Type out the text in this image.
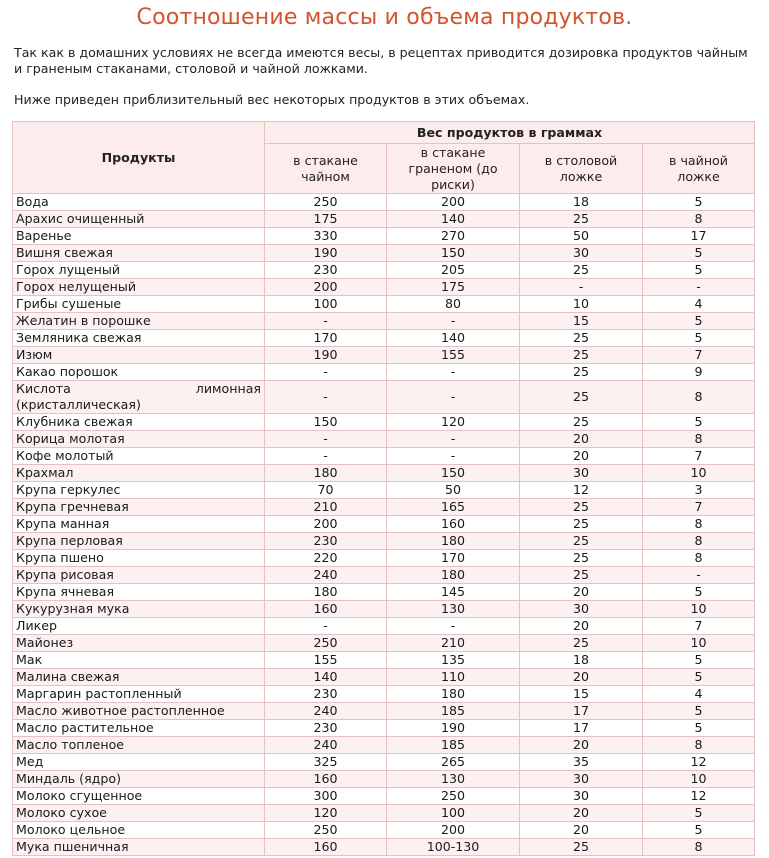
Соотношение массы и объема продуктов.
Так как в домашних условиях не всегда имеются весы, в рецептах приводится дозировка продуктов чайным и граненым стаканами, столовой и чайной ложками.
Ниже приведен приблизительный вес некоторых продуктов в этих объемах.
Продукты	Вес продуктов в граммах			
	в стакане чайном	в стакане граненом (до риски)	в столовой ложке	в чайной ложке
Вода	250	200	18	5
Арахис очищенный	175	140	25	8
Варенье	330	270	50	17
Вишня свежая	190	150	30	5
Горох лущеный	230	205	25	5
Горох нелущеный	200	175	-	-
Грибы сушеные	100	80	10	4
Желатин в порошке	-	-	15	5
Земляника свежая	170	140	25	5
Изюм	190	155	25	7
Какао порошок	-	-	25	9
Кислота лимонная (кристаллическая)	-	-	25	8
Клубника свежая	150	120	25	5
Корица молотая	-	-	20	8
Кофе молотый	-	-	20	7
Крахмал	180	150	30	10
Крупа геркулес	70	50	12	3
Крупа гречневая	210	165	25	7
Крупа манная	200	160	25	8
Крупа перловая	230	180	25	8
Крупа пшено	220	170	25	8
Крупа рисовая	240	180	25	-
Крупа ячневая	180	145	20	5
Кукурузная мука	160	130	30	10
Ликер	-	-	20	7
Майонез	250	210	25	10
Мак	155	135	18	5
Малина свежая	140	110	20	5
Маргарин растопленный	230	180	15	4
Масло животное растопленное	240	185	17	5
Масло растительное	230	190	17	5
Масло топленое	240	185	20	8
Мед	325	265	35	12
Миндаль (ядро)	160	130	30	10
Молоко сгущенное	300	250	30	12
Молоко сухое	120	100	20	5
Молоко цельное	250	200	20	5
Мука пшеничная	160	100-130	25	8
